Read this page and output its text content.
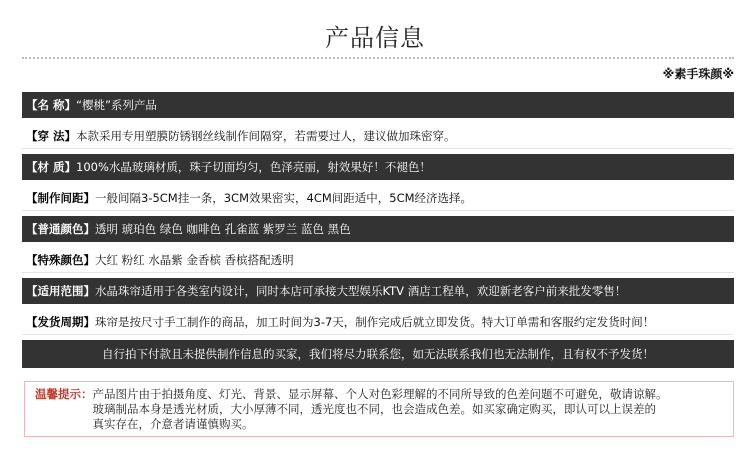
产品信息
※素手珠颜※
【名 称】 “樱桃”系列产品
【穿 法】 本款采用专用塑膜防锈钢丝线制作间隔穿，若需要过人，建议做加珠密穿。
【材 质】 100%水晶玻璃材质，珠子切面均匀，色泽亮丽，射效果好！不褪色！
【制作间距】 一般间隔3-5CM挂一条，3CM效果密实，4CM间距适中，5CM经济选择。
【普通颜色】 透明 琥珀色 绿色 咖啡色 孔雀蓝 紫罗兰 蓝色 黑色
【特殊颜色】 大红 粉红 水晶紫 金香槟 香槟搭配透明
【适用范围】 水晶珠帘适用于各类室内设计，同时本店可承接大型娱乐KTV 酒店工程单，欢迎新老客户前来批发零售！
【发货周期】 珠帘是按尺寸手工制作的商品，加工时间为3-7天，制作完成后就立即发货。特大订单需和客服约定发货时间！
自行拍下付款且未提供制作信息的买家，我们将尽力联系您，如无法联系我们也无法制作，且有权不予发货！
温馨提示： 产品图片由于拍摄角度、灯光、背景、显示屏幕、个人对色彩理解的不同所导致的色差问题不可避免，敬请谅解。
玻璃制品本身是透光材质，大小厚薄不同，透光度也不同，也会造成色差。如买家确定购买，即认可以上误差的
真实存在，介意者请谨慎购买。
